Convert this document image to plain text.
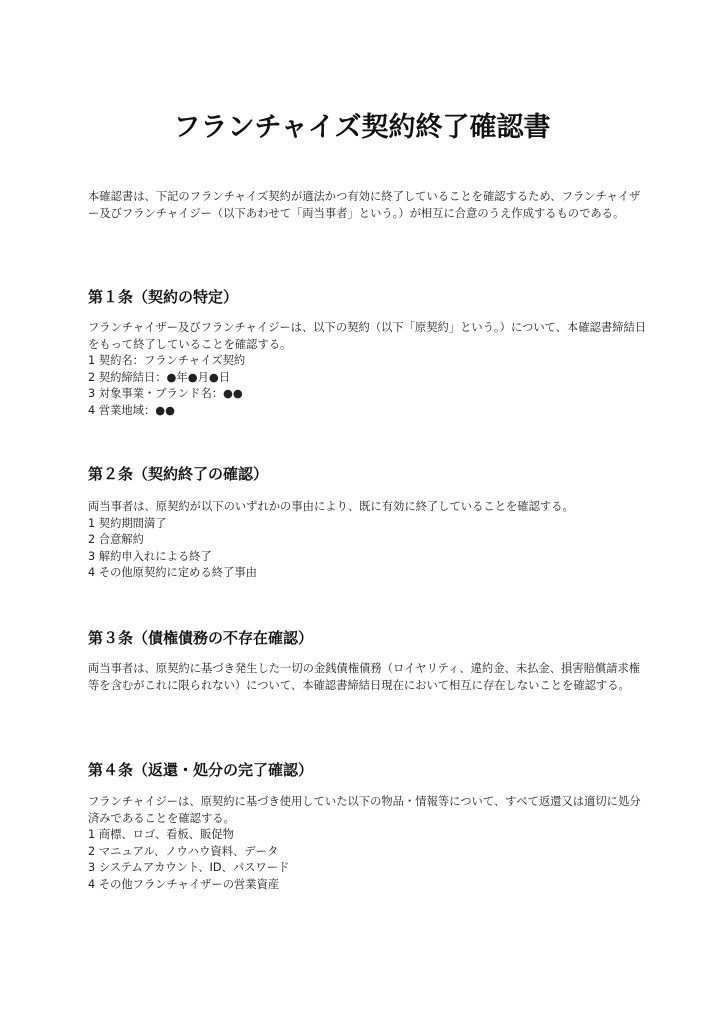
フランチャイズ契約終了確認書

本確認書は、下記のフランチャイズ契約が適法かつ有効に終了していることを確認するため、フランチャイザー及びフランチャイジー（以下あわせて「両当事者」という。）が相互に合意のうえ作成するものである。

第１条（契約の特定）

フランチャイザー及びフランチャイジーは、以下の契約（以下「原契約」という。）について、本確認書締結日をもって終了していることを確認する。

1 契約名：フランチャイズ契約
2 契約締結日：●年●月●日
3 対象事業・ブランド名：●●
4 営業地域：●●
第２条（契約終了の確認）

両当事者は、原契約が以下のいずれかの事由により、既に有効に終了していることを確認する。

1 契約期間満了
2 合意解約
3 解約申入れによる終了
4 その他原契約に定める終了事由
第３条（債権債務の不存在確認）

両当事者は、原契約に基づき発生した一切の金銭債権債務（ロイヤリティ、違約金、未払金、損害賠償請求権等を含むがこれに限られない）について、本確認書締結日現在において相互に存在しないことを確認する。

第４条（返還・処分の完了確認）

フランチャイジーは、原契約に基づき使用していた以下の物品・情報等について、すべて返還又は適切に処分済みであることを確認する。

1 商標、ロゴ、看板、販促物
2 マニュアル、ノウハウ資料、データ
3 システムアカウント、ID、パスワード
4 その他フランチャイザーの営業資産
